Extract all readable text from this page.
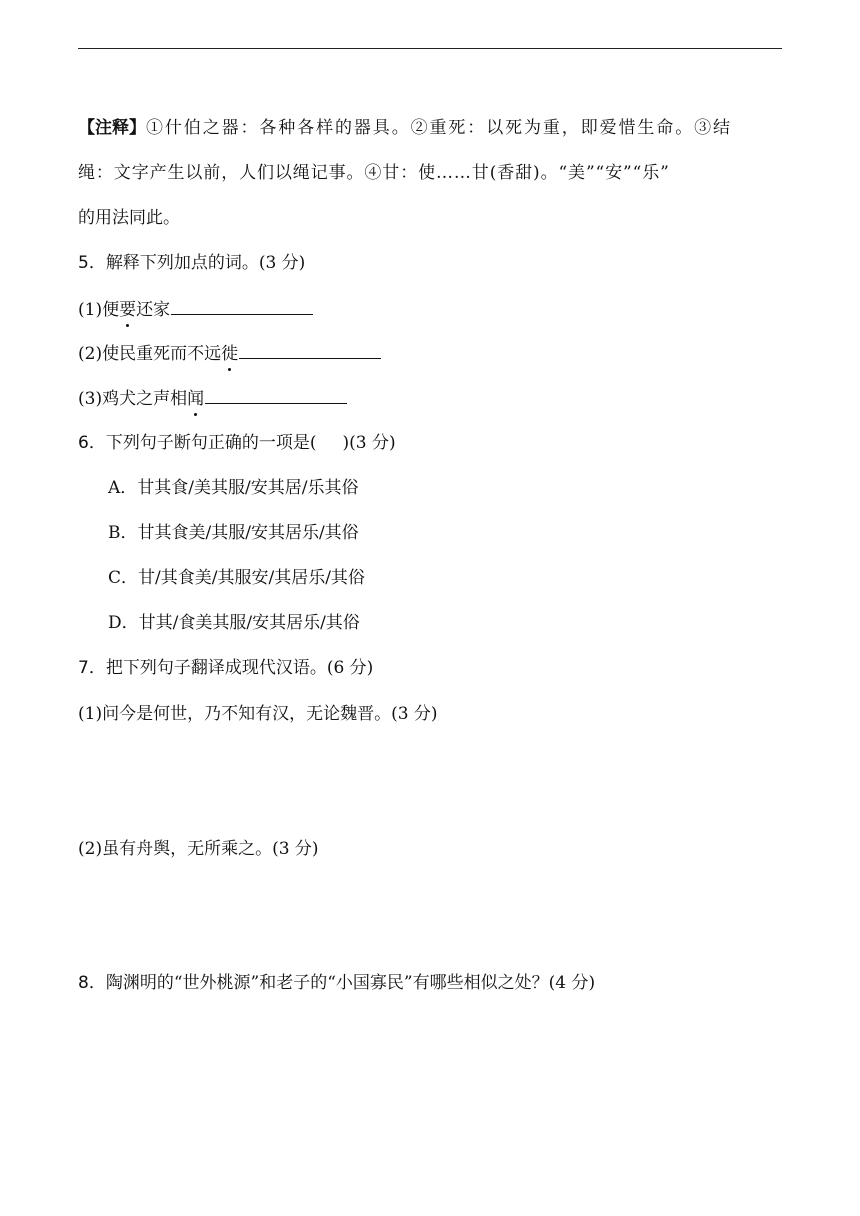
【注释】①什伯之器：各种各样的器具。②重死：以死为重，即爱惜生命。③结
绳：文字产生以前，人们以绳记事。④甘：使……甘(香甜)。“美”“安”“乐”
的用法同此。
5．解释下列加点的词。(3 分)
(1)便要还家
(2)使民重死而不远徙
(3)鸡犬之声相闻
6．下列句子断句正确的一项是( )(3 分)
A．甘其食/美其服/安其居/乐其俗
B．甘其食美/其服/安其居乐/其俗
C．甘/其食美/其服安/其居乐/其俗
D．甘其/食美其服/安其居乐/其俗
7．把下列句子翻译成现代汉语。(6 分)
(1)问今是何世，乃不知有汉，无论魏晋。(3 分)
(2)虽有舟舆，无所乘之。(3 分)
8．陶渊明的“世外桃源”和老子的“小国寡民”有哪些相似之处？(4 分)
